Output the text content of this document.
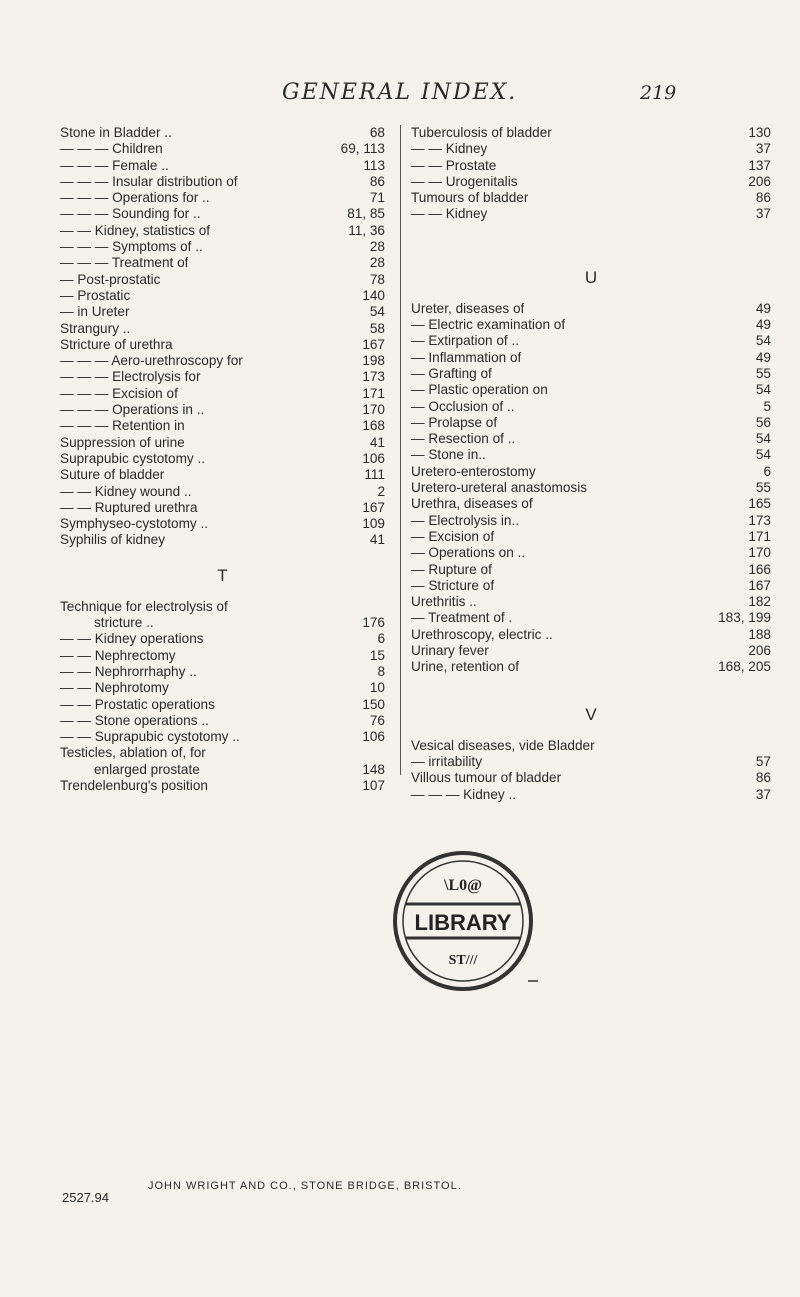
GENERAL INDEX.	219
Stone in Bladder ..	68
— — — Children	69, 113
— — — Female ..	113
— — — Insular distribution of	86
— — — Operations for ..	71
— — — Sounding for ..	81, 85
— — Kidney, statistics of	11, 36
— — — Symptoms of ..	28
— — — Treatment of	28
— Post-prostatic	78
— Prostatic	140
— in Ureter	54
Strangury ..	58
Stricture of urethra	167
— — — Aero-urethroscopy for	198
— — — Electrolysis for	173
— — — Excision of	171
— — — Operations in ..	170
— — — Retention in	168
Suppression of urine	41
Suprapubic cystotomy ..	106
Suture of bladder	111
— — Kidney wound ..	2
— — Ruptured urethra	167
Symphyseo-cystotomy ..	109
Syphilis of kidney	41
T
Technique for electrolysis of
stricture ..	176
— — Kidney operations	6
— — Nephrectomy	15
— — Nephrorrhaphy ..	8
— — Nephrotomy	10
— — Prostatic operations	150
— — Stone operations ..	76
— — Suprapubic cystotomy ..	106
Testicles, ablation of, for
enlarged prostate	148
Trendelenburg's position	107
Tuberculosis of bladder	130
— — Kidney	37
— — Prostate	137
— — Urogenitalis	206
Tumours of bladder	86
— — Kidney	37
U
Ureter, diseases of	49
— Electric examination of	49
— Extirpation of ..	54
— Inflammation of	49
— Grafting of	55
— Plastic operation on	54
— Occlusion of ..	5
— Prolapse of	56
— Resection of ..	54
— Stone in..	54
Uretero-enterostomy	6
Uretero-ureteral anastomosis	55
Urethra, diseases of	165
— Electrolysis in..	173
— Excision of	171
— Operations on ..	170
— Rupture of	166
— Stricture of	167
Urethritis ..	182
— Treatment of .	183, 199
Urethroscopy, electric ..	188
Urinary fever	206
Urine, retention of	168, 205
V
Vesical diseases, vide Bladder
— irritability	57
Villous tumour of bladder	86
— — — Kidney ..	37
LIBRARY
\L0@
ST///
2527.94
JOHN WRIGHT AND CO., STONE BRIDGE, BRISTOL.
